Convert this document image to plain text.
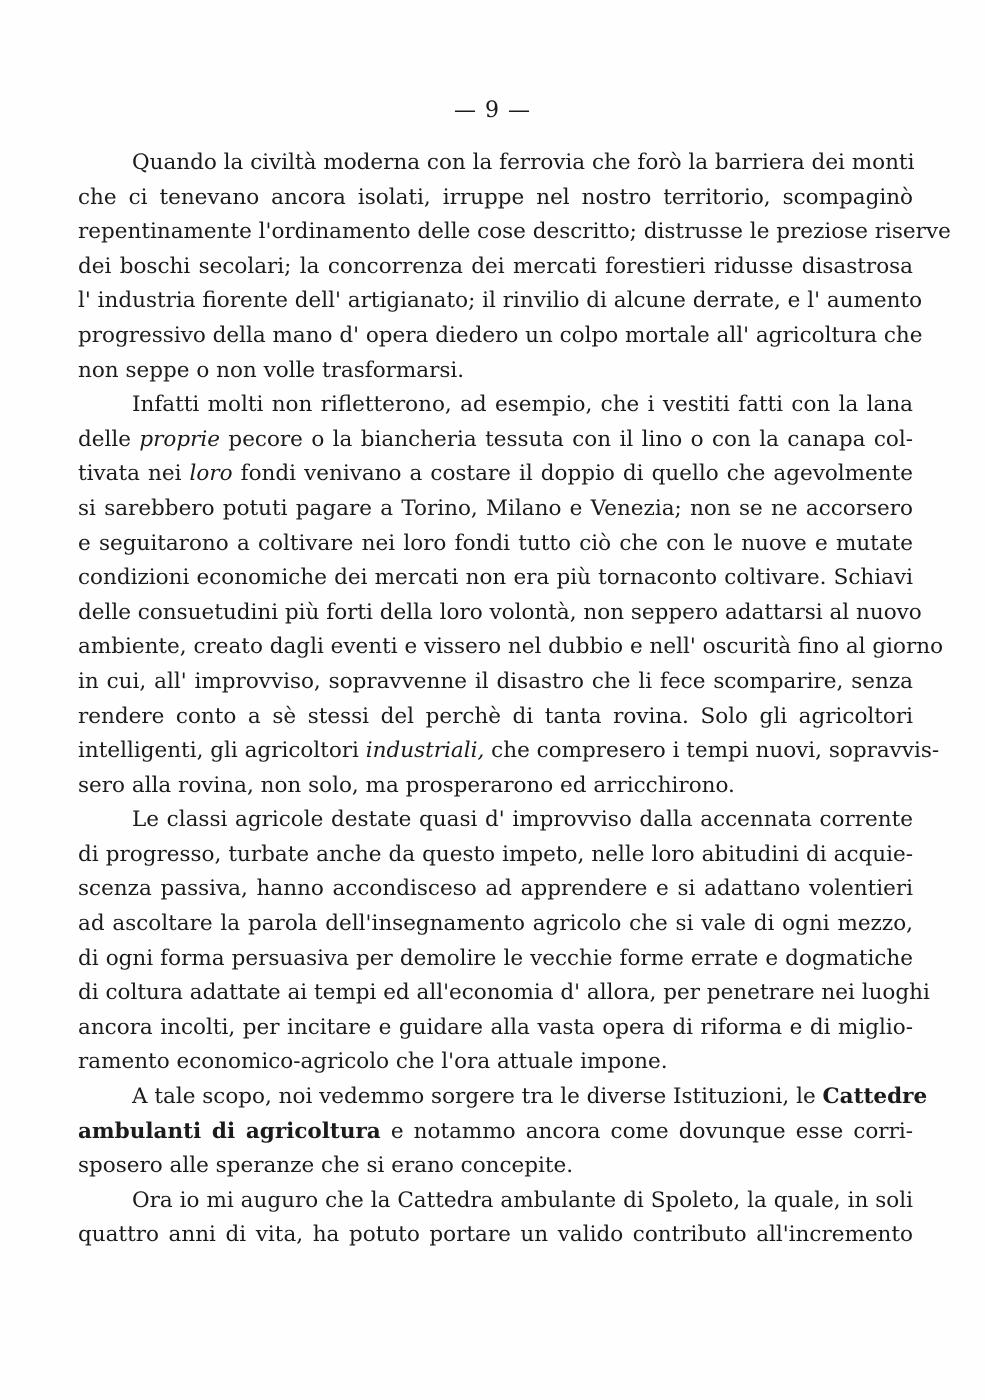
— 9 —

Quando la civiltà moderna con la ferrovia che forò la barriera dei monti
che ci tenevano ancora isolati, irruppe nel nostro territorio, scompaginò
repentinamente l'ordinamento delle cose descritto; distrusse le preziose riserve
dei boschi secolari; la concorrenza dei mercati forestieri ridusse disastrosa
l' industria fiorente dell' artigianato; il rinvilio di alcune derrate, e l' aumento
progressivo della mano d' opera diedero un colpo mortale all' agricoltura che
non seppe o non volle trasformarsi.

Infatti molti non rifletterono, ad esempio, che i vestiti fatti con la lana
delle proprie pecore o la biancheria tessuta con il lino o con la canapa col-
tivata nei loro fondi venivano a costare il doppio di quello che agevolmente
si sarebbero potuti pagare a Torino, Milano e Venezia; non se ne accorsero
e seguitarono a coltivare nei loro fondi tutto ciò che con le nuove e mutate
condizioni economiche dei mercati non era più tornaconto coltivare. Schiavi
delle consuetudini più forti della loro volontà, non seppero adattarsi al nuovo
ambiente, creato dagli eventi e vissero nel dubbio e nell' oscurità fino al giorno
in cui, all' improvviso, sopravvenne il disastro che li fece scomparire, senza
rendere conto a sè stessi del perchè di tanta rovina. Solo gli agricoltori
intelligenti, gli agricoltori industriali, che compresero i tempi nuovi, sopravvis-
sero alla rovina, non solo, ma prosperarono ed arricchirono.

Le classi agricole destate quasi d' improvviso dalla accennata corrente
di progresso, turbate anche da questo impeto, nelle loro abitudini di acquie-
scenza passiva, hanno accondisceso ad apprendere e si adattano volentieri
ad ascoltare la parola dell'insegnamento agricolo che si vale di ogni mezzo,
di ogni forma persuasiva per demolire le vecchie forme errate e dogmatiche
di coltura adattate ai tempi ed all'economia d' allora, per penetrare nei luoghi
ancora incolti, per incitare e guidare alla vasta opera di riforma e di miglio-
ramento economico-agricolo che l'ora attuale impone.

A tale scopo, noi vedemmo sorgere tra le diverse Istituzioni, le Cattedre
ambulanti di agricoltura e notammo ancora come dovunque esse corri-
sposero alle speranze che si erano concepite.

Ora io mi auguro che la Cattedra ambulante di Spoleto, la quale, in soli
quattro anni di vita, ha potuto portare un valido contributo all'incremento
